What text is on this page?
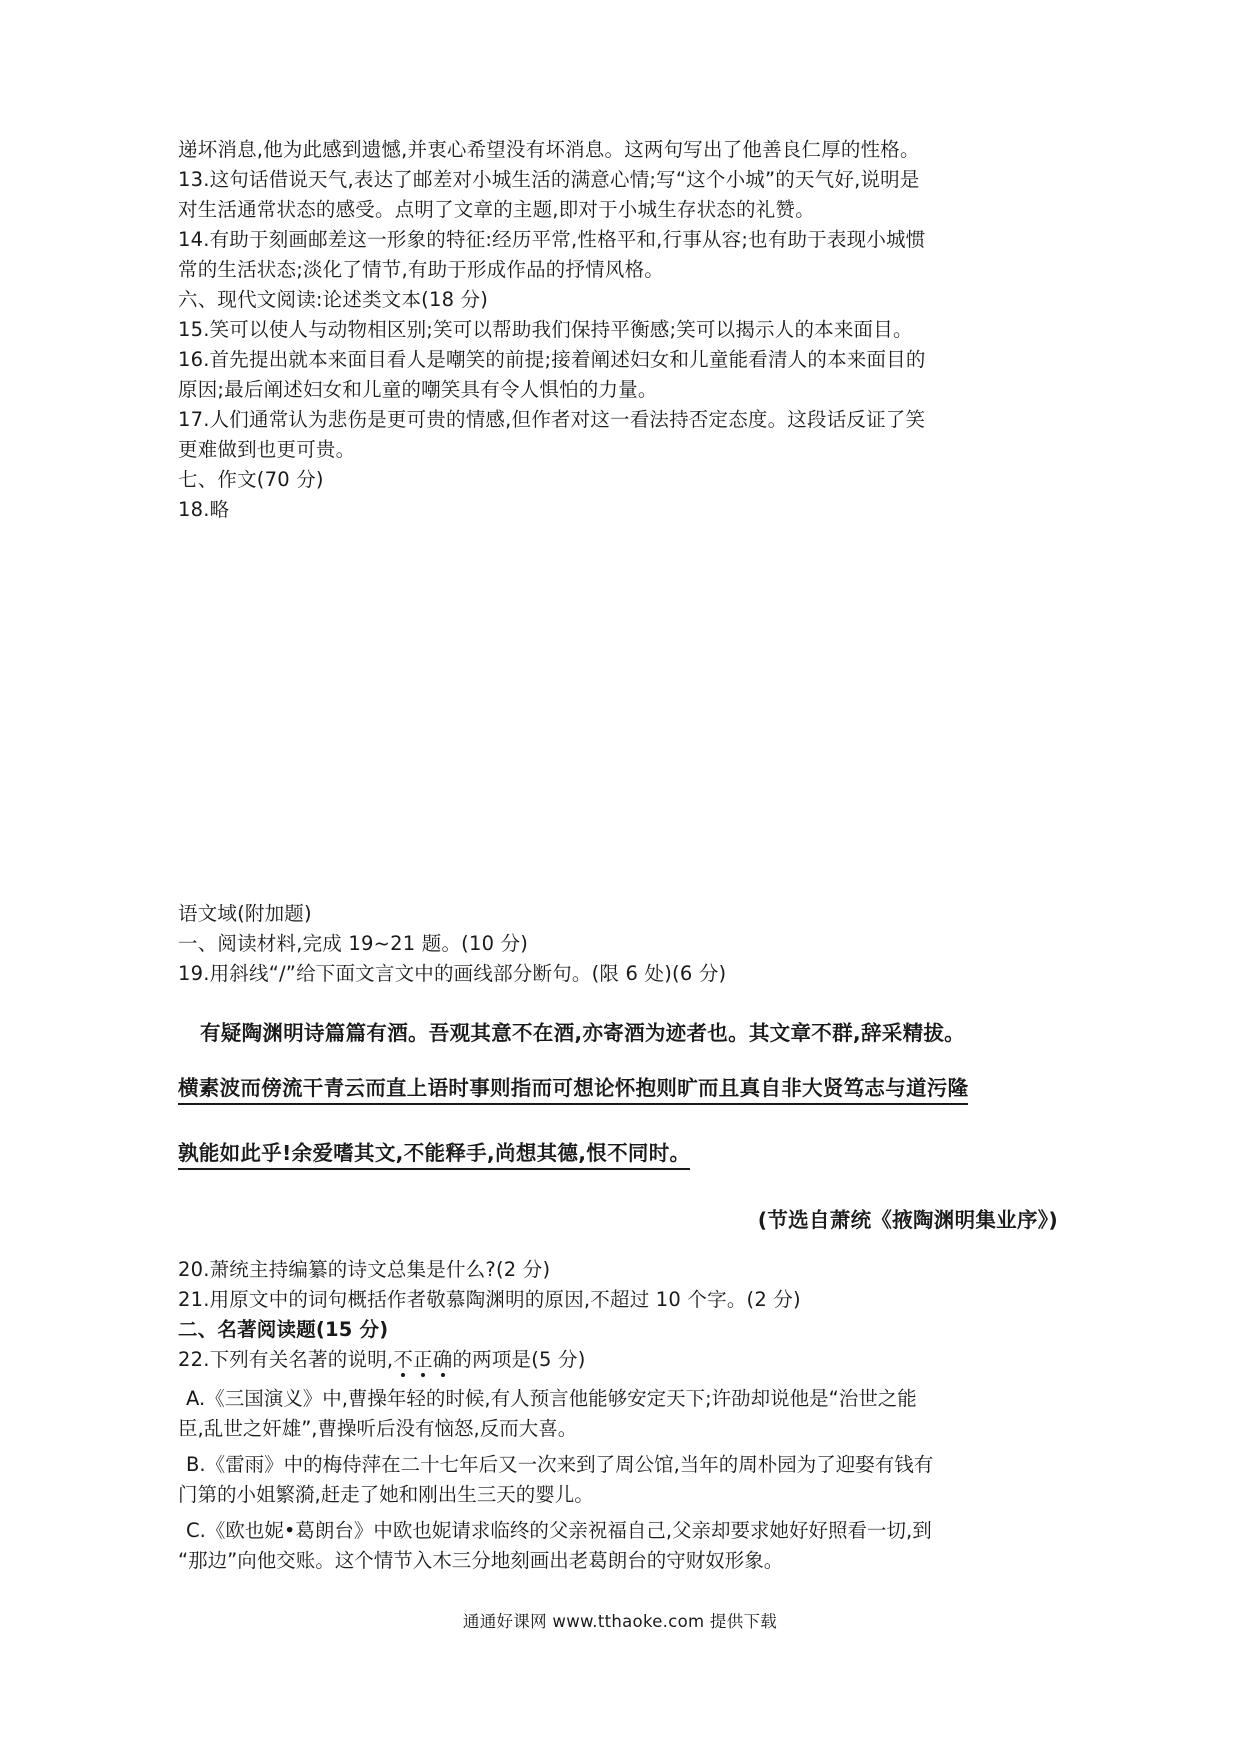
递坏消息,他为此感到遗憾,并衷心希望没有坏消息。这两句写出了他善良仁厚的性格。
13.这句话借说天气,表达了邮差对小城生活的满意心情;写“这个小城”的天气好,说明是
对生活通常状态的感受。点明了文章的主题,即对于小城生存状态的礼赞。
14.有助于刻画邮差这一形象的特征:经历平常,性格平和,行事从容;也有助于表现小城惯
常的生活状态;淡化了情节,有助于形成作品的抒情风格。
六、现代文阅读:论述类文本(18 分)
15.笑可以使人与动物相区别;笑可以帮助我们保持平衡感;笑可以揭示人的本来面目。
16.首先提出就本来面目看人是嘲笑的前提;接着阐述妇女和儿童能看清人的本来面目的
原因;最后阐述妇女和儿童的嘲笑具有令人惧怕的力量。
17.人们通常认为悲伤是更可贵的情感,但作者对这一看法持否定态度。这段话反证了笑
更难做到也更可贵。
七、作文(70 分)
18.略
语文域(附加题)
一、阅读材料,完成 19~21 题。(10 分)
19.用斜线“/”给下面文言文中的画线部分断句。(限 6 处)(6 分)
有疑陶渊明诗篇篇有酒。吾观其意不在酒,亦寄酒为迹者也。其文章不群,辞采精拔。
横素波而傍流干青云而直上语时事则指而可想论怀抱则旷而且真自非大贤笃志与道污隆
孰能如此乎!余爱嗜其文,不能释手,尚想其德,恨不同时。
(节选自萧统《掖陶渊明集业序》)
20.萧统主持编纂的诗文总集是什么?(2 分)
21.用原文中的词句概括作者敬慕陶渊明的原因,不超过 10 个字。(2 分)
二、名著阅读题(15 分)
22.下列有关名著的说明,不正确
的两项是(5 分)
A.《三国演义》中,曹操年轻的时候,有人预言他能够安定天下;许劭却说他是“治世之能
臣,乱世之奸雄”,曹操听后没有恼怒,反而大喜。
B.《雷雨》中的梅侍萍在二十七年后又一次来到了周公馆,当年的周朴园为了迎娶有钱有
门第的小姐繁漪,赶走了她和刚出生三天的婴儿。
C.《欧也妮•葛朗台》中欧也妮请求临终的父亲祝福自己,父亲却要求她好好照看一切,到
“那边”向他交账。这个情节入木三分地刻画出老葛朗台的守财奴形象。
通通好课网 www.tthaoke.com 提供下载
